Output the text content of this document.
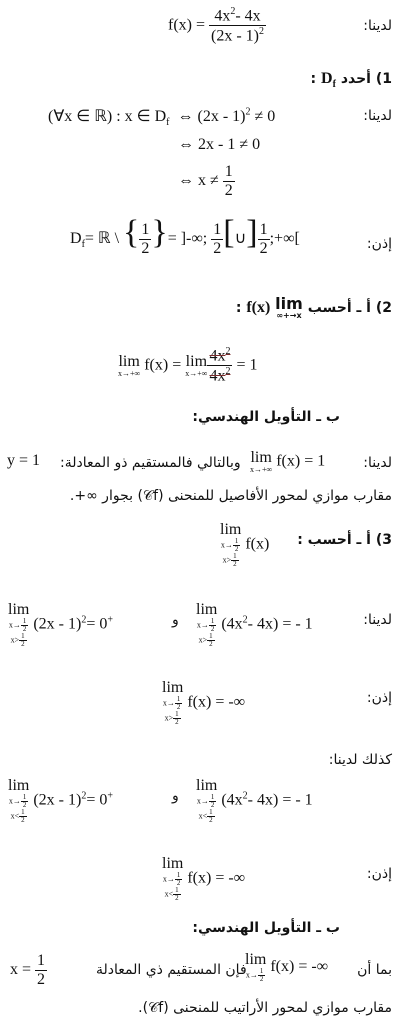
$f(x) = \frac{4x^2- 4x}{(2x - 1)^2}$	لدينا:
1) أحدد $D_f$ :
(∀x ∈ ℝ) : x ∈ $D_f$ ⇔ (2x - 1)$^2$ ≠ 0	لدينا:
⇔ 2x - 1 ≠ 0
⇔ $x \ne \frac{1}{2}$
$D_f=$ ℝ \ { $\frac{1}{2}$ }= ]-∞; $\frac{1}{2}$ [∪] $\frac{1}{2}$ ;+∞[	إذن:
2) أ ـ أحسب
lim
x→+∞
f(x) :
lim
x→+∞ f(x) = lim
$x\to+\infty \frac{4x^2}{4x^2} = 1$
ب ـ التأويل الهندسي:
y = 1 وبالتالي فالمستقيم ذو المعادلة: lim
x→+∞ f(x) = 1	لدينا:
مقارب موازي لمحور الأفاصيل للمنحنى (𝒞f) بجوار ∞+.
3) أ ـ أحسب :
lim
$x\to \frac{1}{2}$
$x> \frac{1}{2}$
f(x)
lim
$x\to \frac{1}{2}$
$x> \frac{1}{2}$
(2x - 1)$^2$= 0+	و
lim
$x\to \frac{1}{2}$
$x> \frac{1}{2}$
($4x^2-$ 4x) = - 1	لدينا:
lim
$x\to \frac{1}{2}$
$x> \frac{1}{2}$
f(x) = -∞	إذن:
كذلك لدينا:
lim
$x\to \frac{1}{2}$
$x< \frac{1}{2}$
(2x - 1)$^2$= 0+	و
lim
$x\to \frac{1}{2}$
$x< \frac{1}{2}$
($4x^2-$ 4x) = - 1
lim
$x\to \frac{1}{2}$
$x< \frac{1}{2}$
f(x) = -∞	إذن:
ب ـ التأويل الهندسي:
$x = \frac{1}{2}$	فإن المستقيم ذي المعادلة
lim
$x\to \frac{1}{2}$
f(x) = -∞ بما أن
مقارب موازي لمحور الأراتيب للمنحنى (𝒞f).
